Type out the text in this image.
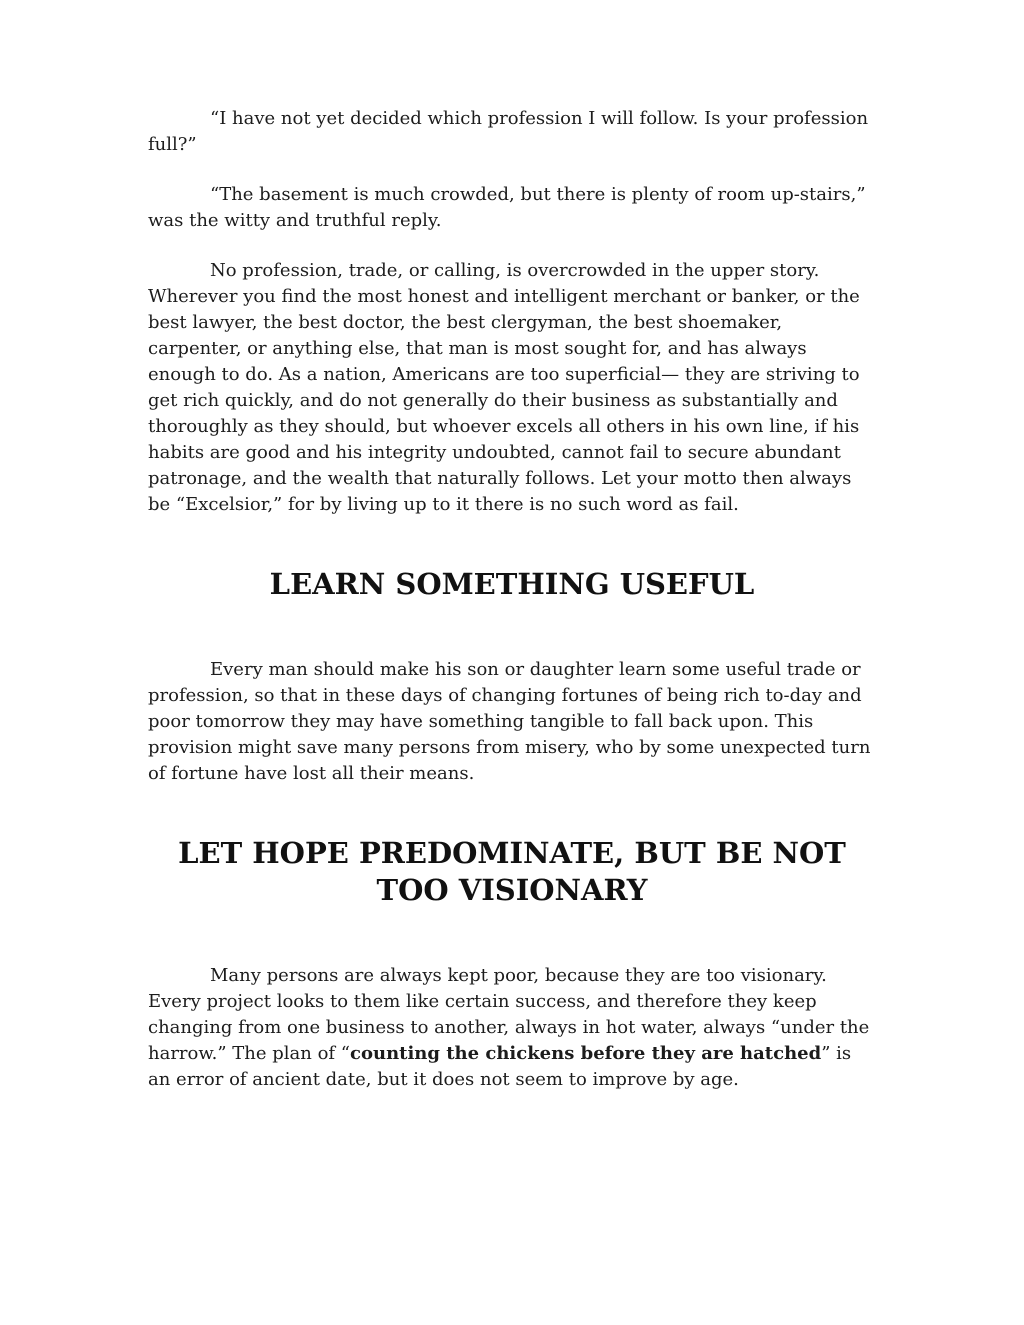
“I have not yet decided which profession I will follow. Is your profession full?”

“The basement is much crowded, but there is plenty of room up-stairs,” was the witty and truthful reply.

No profession, trade, or calling, is overcrowded in the upper story. Wherever you find the most honest and intelligent merchant or banker, or the best lawyer, the best doctor, the best clergyman, the best shoemaker, carpenter, or anything else, that man is most sought for, and has always enough to do. As a nation, Americans are too superficial— they are striving to get rich quickly, and do not generally do their business as substantially and thoroughly as they should, but whoever excels all others in his own line, if his habits are good and his integrity undoubted, cannot fail to secure abundant patronage, and the wealth that naturally follows. Let your motto then always be “Excelsior,” for by living up to it there is no such word as fail.

LEARN SOMETHING USEFUL

Every man should make his son or daughter learn some useful trade or profession, so that in these days of changing fortunes of being rich to-day and poor tomorrow they may have something tangible to fall back upon. This provision might save many persons from misery, who by some unexpected turn of fortune have lost all their means.

LET HOPE PREDOMINATE, BUT BE NOT TOO VISIONARY

Many persons are always kept poor, because they are too visionary. Every project looks to them like certain success, and therefore they keep changing from one business to another, always in hot water, always “under the harrow.” The plan of “counting the chickens before they are hatched” is an error of ancient date, but it does not seem to improve by age.
